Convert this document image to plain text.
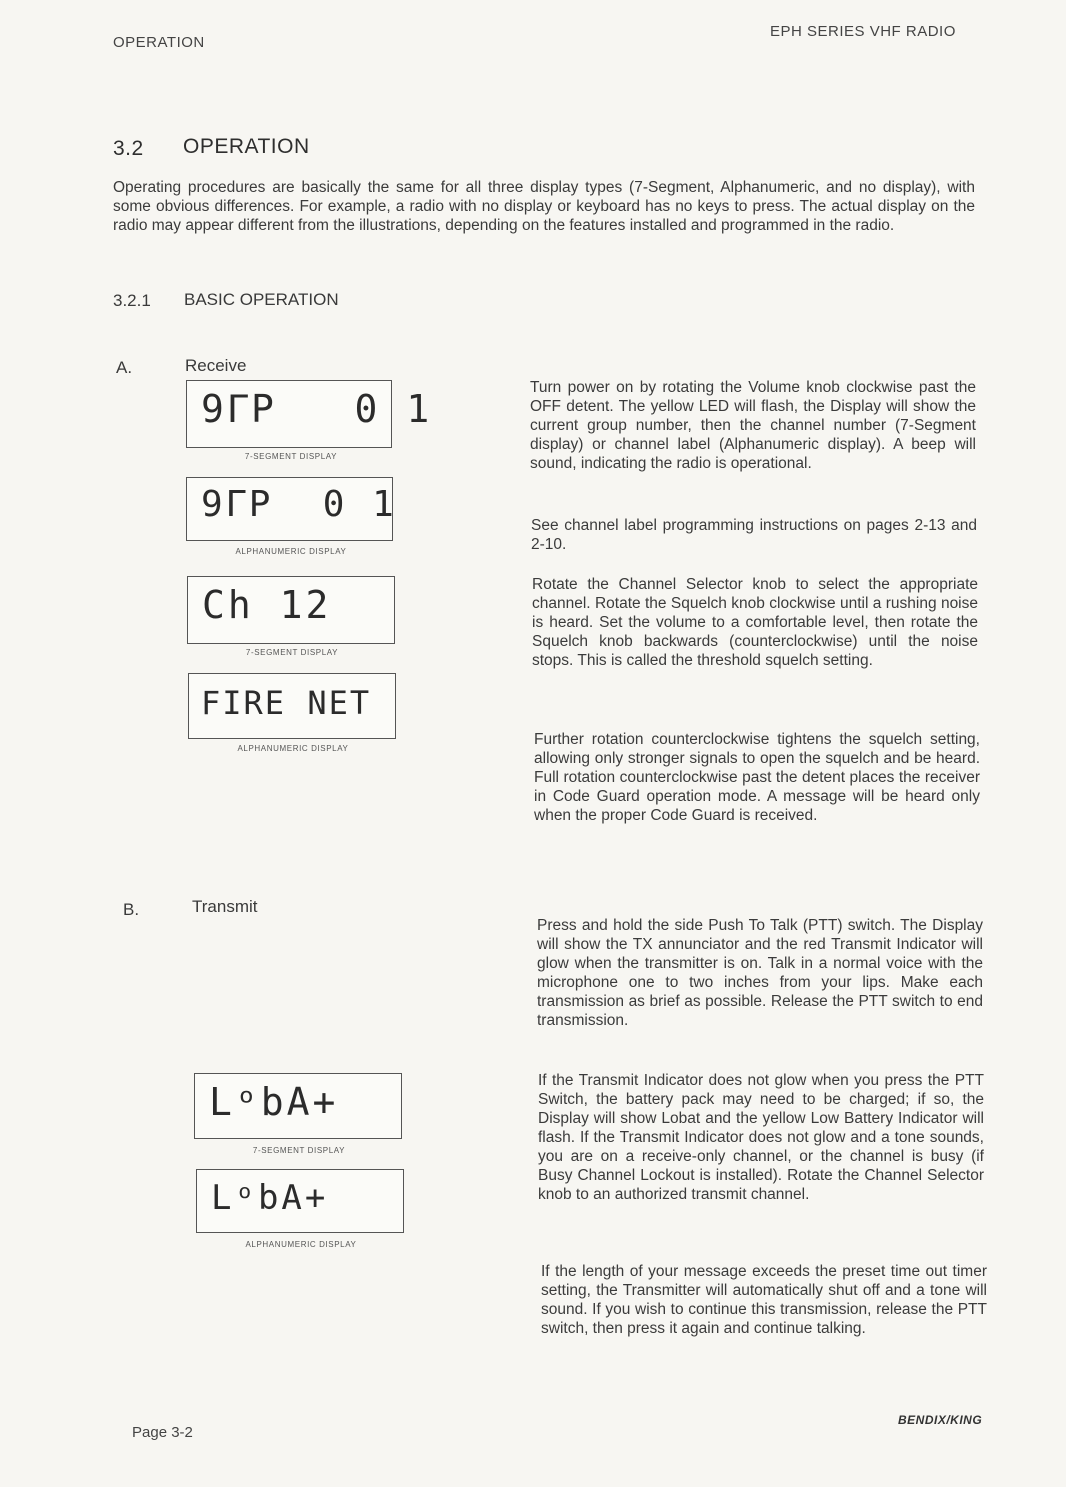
OPERATION
EPH SERIES VHF RADIO
3.2 OPERATION
Operating procedures are basically the same for all three display types (7-Segment, Alphanumeric, and no display), with some obvious differences. For example, a radio with no display or keyboard has no keys to press. The actual display on the radio may appear different from the illustrations, depending on the features installed and programmed in the radio.
3.2.1 BASIC OPERATION
A.	Receive
9ᒥP   0 1
7-SEGMENT DISPLAY
9ᒥP  0 1
ALPHANUMERIC DISPLAY
Ch 12
7-SEGMENT DISPLAY
FIRE NET
ALPHANUMERIC DISPLAY
Turn power on by rotating the Volume knob clockwise past the OFF detent. The yellow LED will flash, the Display will show the current group number, then the channel number (7-Segment display) or channel label (Alphanumeric display). A beep will sound, indicating the radio is operational.
See channel label programming instructions on pages 2-13 and 2-10.
Rotate the Channel Selector knob to select the appropriate channel. Rotate the Squelch knob clockwise until a rushing noise is heard. Set the volume to a comfortable level, then rotate the Squelch knob backwards (counterclockwise) until the noise stops. This is called the threshold squelch setting.
Further rotation counterclockwise tightens the squelch setting, allowing only stronger signals to open the squelch and be heard. Full rotation counterclockwise past the detent places the receiver in Code Guard operation mode. A message will be heard only when the proper Code Guard is received.
B.	Transmit
LᵒbA+
7-SEGMENT DISPLAY
LᵒbA+
ALPHANUMERIC DISPLAY
Press and hold the side Push To Talk (PTT) switch. The Display will show the TX annunciator and the red Transmit Indicator will glow when the transmitter is on. Talk in a normal voice with the microphone one to two inches from your lips. Make each transmission as brief as possible. Release the PTT switch to end transmission.
If the Transmit Indicator does not glow when you press the PTT Switch, the battery pack may need to be charged; if so, the Display will show Lobat and the yellow Low Battery Indicator will flash. If the Transmit Indicator does not glow and a tone sounds, you are on a receive-only channel, or the channel is busy (if Busy Channel Lockout is installed). Rotate the Channel Selector knob to an authorized transmit channel.
If the length of your message exceeds the preset time out timer setting, the Transmitter will automatically shut off and a tone will sound. If you wish to continue this transmission, release the PTT switch, then press it again and continue talking.
Page 3-2
BENDIX/KING
